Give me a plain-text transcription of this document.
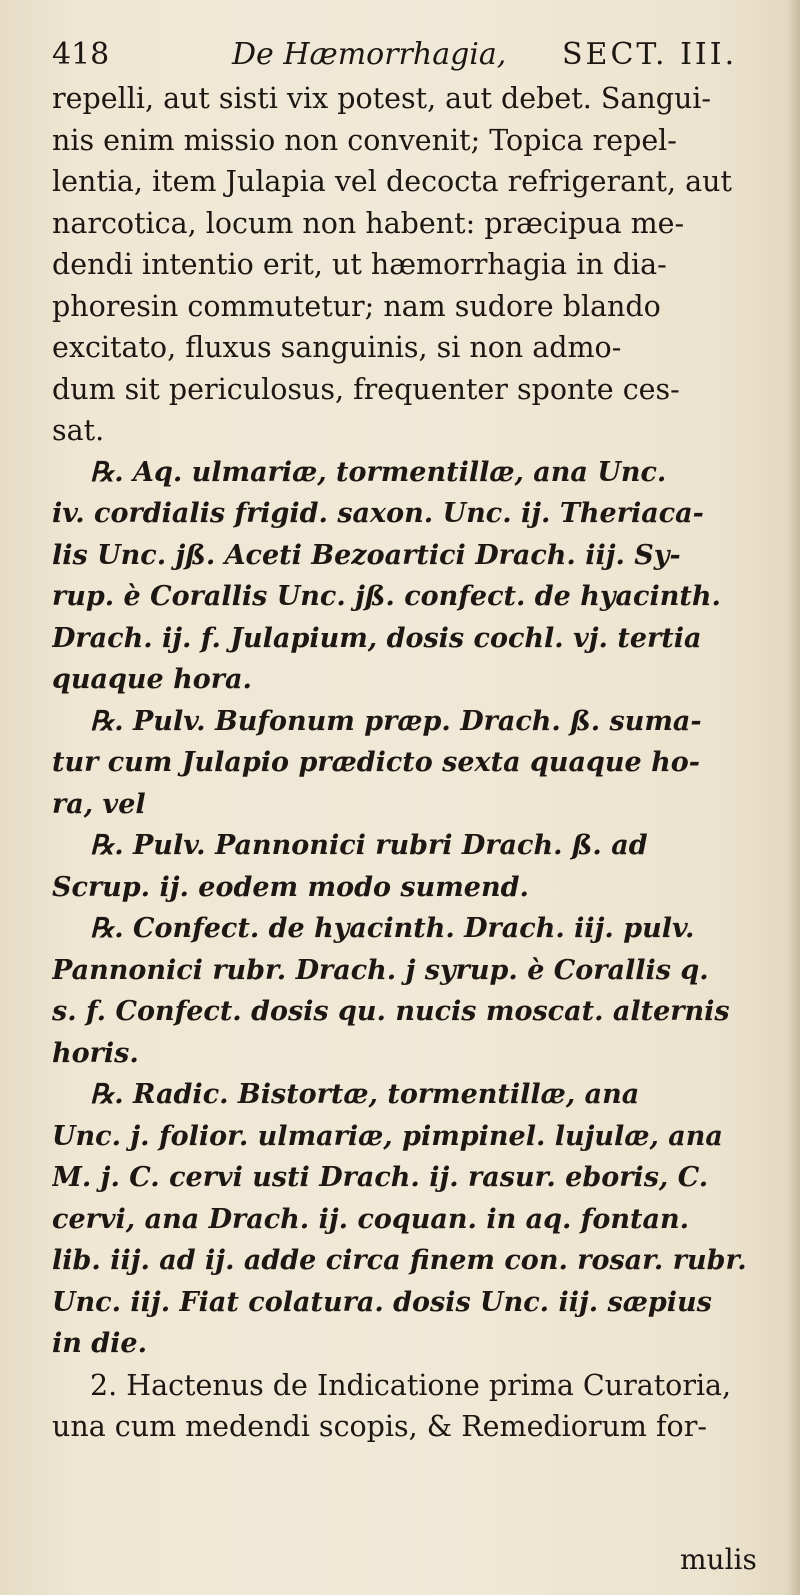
418	De Hæmorrhagia, SECT. III.
repelli, aut sisti vix potest, aut debet. Sangui-
nis enim missio non convenit; Topica repel-
lentia, item Julapia vel decocta refrigerant, aut
narcotica, locum non habent: præcipua me-
dendi intentio erit, ut hæmorrhagia in dia-
phoresin commutetur; nam sudore blando
excitato, fluxus sanguinis, si non admo-
dum sit periculosus, frequenter sponte ces-
sat.
℞. Aq. ulmariæ, tormentillæ, ana Unc.
iv. cordialis frigid. saxon. Unc. ij. Theriaca-
lis Unc. jß. Aceti Bezoartici Drach. iij. Sy-
rup. è Corallis Unc. jß. confect. de hyacinth.
Drach. ij. f. Julapium, dosis cochl. vj. tertia
quaque hora.
℞. Pulv. Bufonum præp. Drach. ß. suma-
tur cum Julapio prædicto sexta quaque ho-
ra, vel
℞. Pulv. Pannonici rubri Drach. ß. ad
Scrup. ij. eodem modo sumend.
℞. Confect. de hyacinth. Drach. iij. pulv.
Pannonici rubr. Drach. j syrup. è Corallis q.
s. f. Confect. dosis qu. nucis moscat. alternis
horis.
℞. Radic. Bistortæ, tormentillæ, ana
Unc. j. folior. ulmariæ, pimpinel. lujulæ, ana
M. j. C. cervi usti Drach. ij. rasur. eboris, C.
cervi, ana Drach. ij. coquan. in aq. fontan.
lib. iij. ad ij. adde circa finem con. rosar. rubr.
Unc. iij. Fiat colatura. dosis Unc. iij. sæpius
in die.
2. Hactenus de Indicatione prima Curatoria,
una cum medendi scopis, & Remediorum for-
mulis
